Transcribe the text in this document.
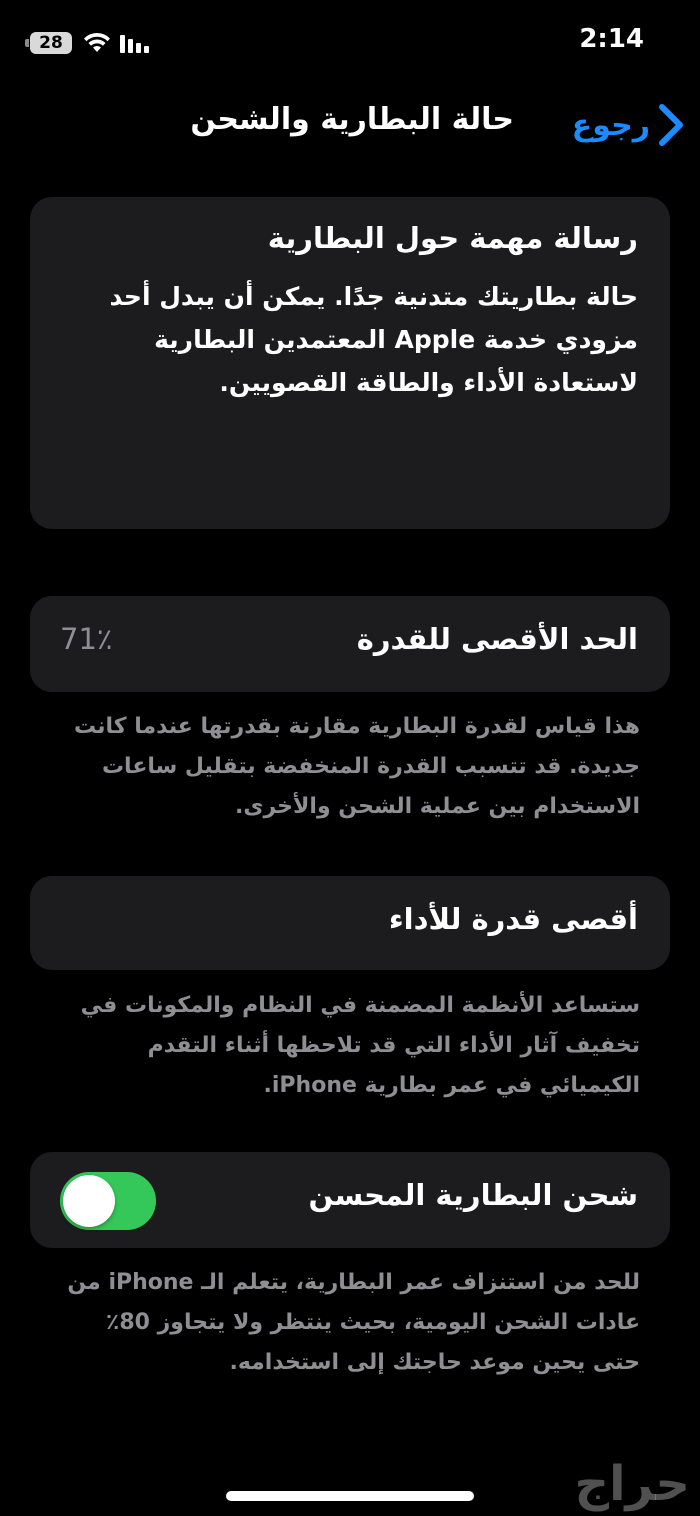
28	2:14
رجوع
حالة البطارية والشحن
رسالة مهمة حول البطارية
حالة بطاريتك متدنية جدًا. يمكن أن يبدل أحد مزودي خدمة Apple المعتمدين البطارية لاستعادة الأداء والطاقة القصويين.
الحد الأقصى للقدرة
71٪
هذا قياس لقدرة البطارية مقارنة بقدرتها عندما كانت جديدة. قد تتسبب القدرة المنخفضة بتقليل ساعات الاستخدام بين عملية الشحن والأخرى.
أقصى قدرة للأداء
ستساعد الأنظمة المضمنة في النظام والمكونات في تخفيف آثار الأداء التي قد تلاحظها أثناء التقدم الكيميائي في عمر بطارية iPhone.
شحن البطارية المحسن
للحد من استنزاف عمر البطارية، يتعلم الـ iPhone من عادات الشحن اليومية، بحيث ينتظر ولا يتجاوز 80٪ حتى يحين موعد حاجتك إلى استخدامه.
حراج
